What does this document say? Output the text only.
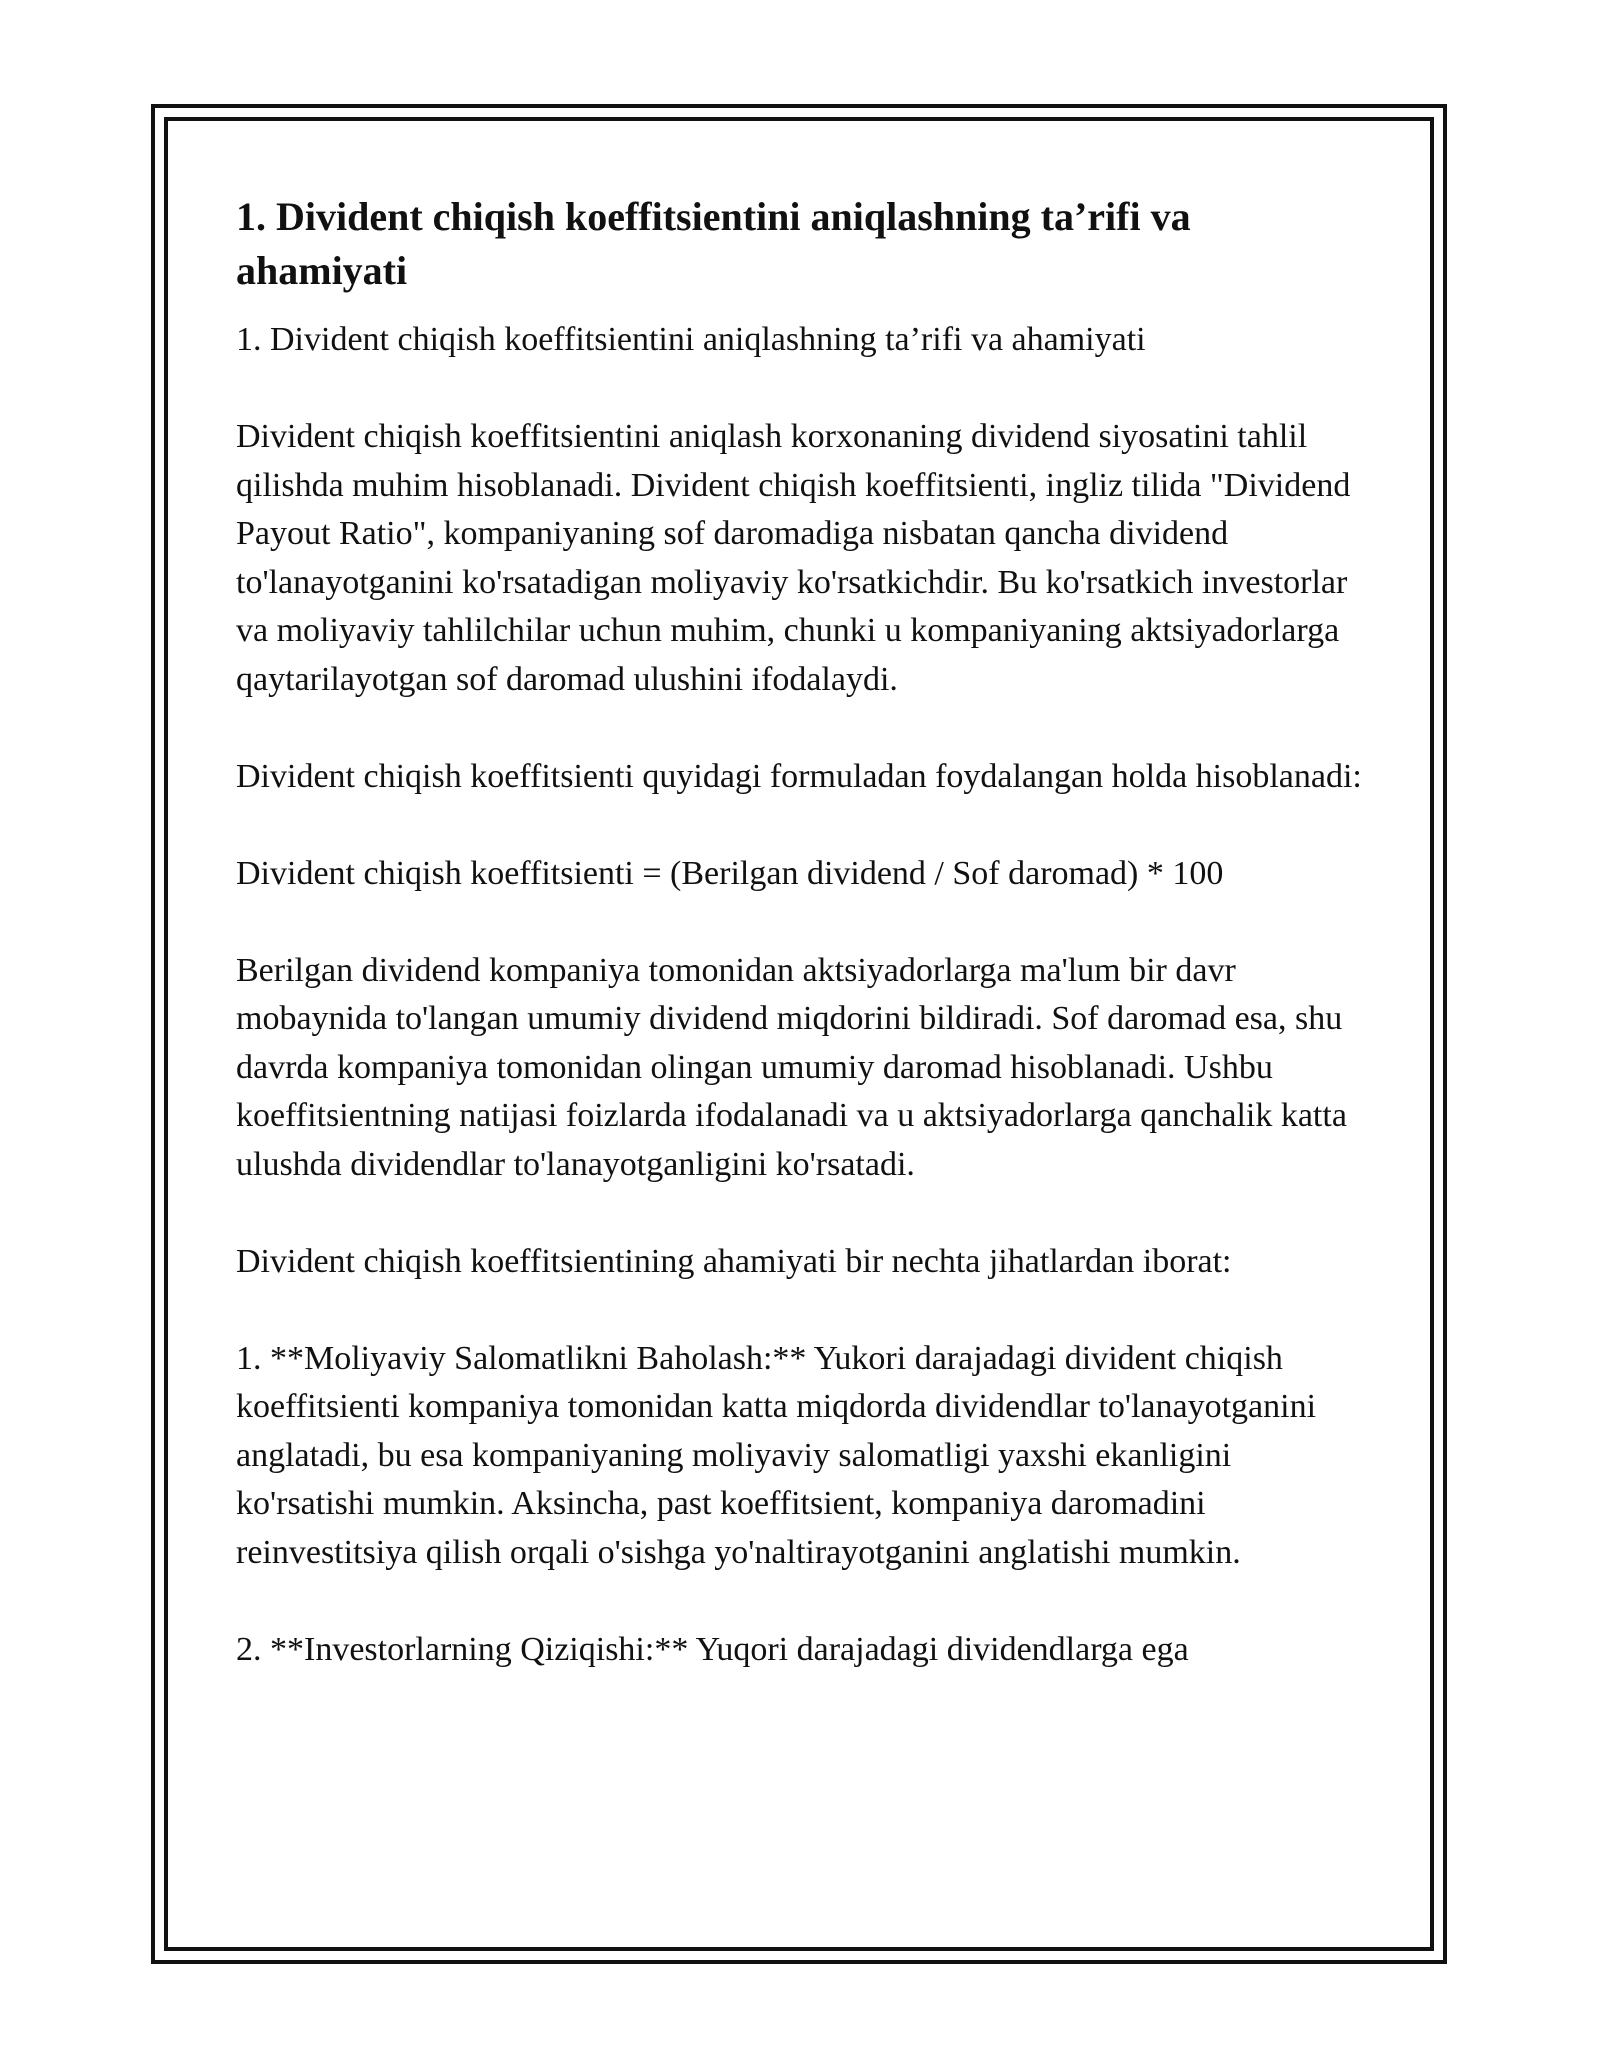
1. Divident chiqish koeffitsientini aniqlashning ta’rifi va ahamiyati

1. Divident chiqish koeffitsientini aniqlashning ta’rifi va ahamiyati

Divident chiqish koeffitsientini aniqlash korxonaning dividend siyosatini tahlil qilishda muhim hisoblanadi. Divident chiqish koeffitsienti, ingliz tilida "Dividend Payout Ratio", kompaniyaning sof daromadiga nisbatan qancha dividend to'lanayotganini ko'rsatadigan moliyaviy ko'rsatkichdir. Bu ko'rsatkich investorlar va moliyaviy tahlilchilar uchun muhim, chunki u kompaniyaning aktsiyadorlarga qaytarilayotgan sof daromad ulushini ifodalaydi.

Divident chiqish koeffitsienti quyidagi formuladan foydalangan holda hisoblanadi:

Divident chiqish koeffitsienti = (Berilgan dividend / Sof daromad) * 100

Berilgan dividend kompaniya tomonidan aktsiyadorlarga ma'lum bir davr mobaynida to'langan umumiy dividend miqdorini bildiradi. Sof daromad esa, shu davrda kompaniya tomonidan olingan umumiy daromad hisoblanadi. Ushbu koeffitsientning natijasi foizlarda ifodalanadi va u aktsiyadorlarga qanchalik katta ulushda dividendlar to'lanayotganligini ko'rsatadi.

Divident chiqish koeffitsientining ahamiyati bir nechta jihatlardan iborat:

1. **Moliyaviy Salomatlikni Baholash:** Yukori darajadagi divident chiqish koeffitsienti kompaniya tomonidan katta miqdorda dividendlar to'lanayotganini anglatadi, bu esa kompaniyaning moliyaviy salomatligi yaxshi ekanligini ko'rsatishi mumkin. Aksincha, past koeffitsient, kompaniya daromadini reinvestitsiya qilish orqali o'sishga yo'naltirayotganini anglatishi mumkin.

2. **Investorlarning Qiziqishi:** Yuqori darajadagi dividendlarga ega
